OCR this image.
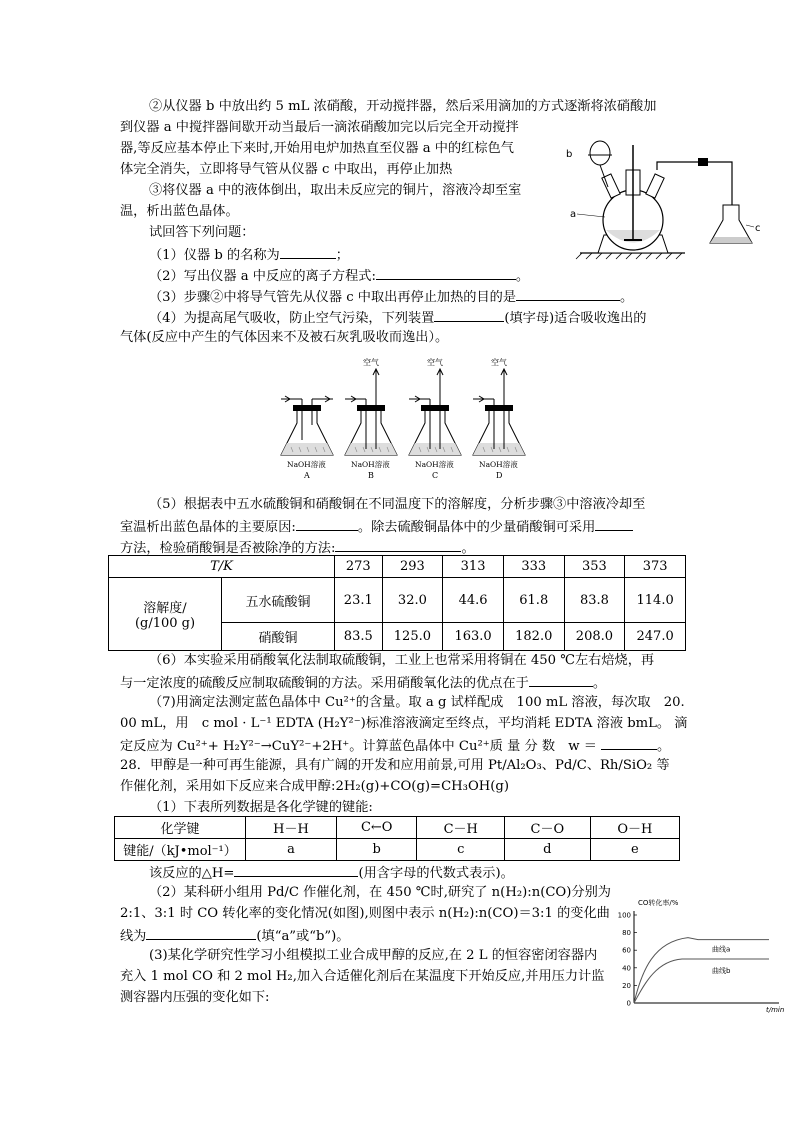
②从仪器 b 中放出约 5 mL 浓硝酸，开动搅拌器，然后采用滴加的方式逐渐将浓硝酸加
到仪器 a 中搅拌器间歇开动当最后一滴浓硝酸加完以后完全开动搅拌
器,等反应基本停止下来时,开始用电炉加热直至仪器 a 中的红棕色气
体完全消失，立即将导气管从仪器 c 中取出，再停止加热
③将仪器 a 中的液体倒出，取出未反应完的铜片，溶液冷却至室
温，析出蓝色晶体。
试回答下列问题：
b
a
c
（1）仪器 b 的名称为	；
（2）写出仪器 a 中反应的离子方程式:	。
（3）步骤②中将导气管先从仪器 c 中取出再停止加热的目的是	。
（4）为提高尾气吸收，防止空气污染，下列装置	(填字母)适合吸收逸出的
气体(反应中产生的气体因来不及被石灰乳吸收而逸出）。
NaOH溶液
A
空气
NaOH溶液
B
空气
NaOH溶液
C
空气
NaOH溶液
D
（5）根据表中五水硫酸铜和硝酸铜在不同温度下的溶解度，分析步骤③中溶液冷却至
室温析出蓝色晶体的主要原因:	。除去硫酸铜晶体中的少量硝酸铜可采用
方法，检验硝酸铜是否被除净的方法:	。
T/K		273	293	313	333	353	373

溶解度/
(g/100 g)	五水硫酸铜	23.1	32.0	44.6	61.8	83.8	114.0
	硝酸铜	83.5	125.0	163.0	182.0	208.0	247.0
（6）本实验采用硝酸氧化法制取硫酸铜，工业上也常采用将铜在 450 ℃左右焙烧，再
与一定浓度的硫酸反应制取硫酸铜的方法。采用硝酸氧化法的优点在于	。
（7)用滴定法测定蓝色晶体中 Cu²⁺的含量。取 a g 试样配成　100 mL 溶液，每次取　20.
00 mL，用　c mol · L⁻¹ EDTA (H₂Y²⁻)标准溶液滴定至终点，平均消耗 EDTA 溶液 bmL。 滴
定反应为 Cu²⁺+ H₂Y²⁻→CuY²⁻+2H⁺。计算蓝色晶体中 Cu²⁺质 量 分 数　w ＝	。
28．甲醇是一种可再生能源，具有广阔的开发和应用前景,可用 Pt/Al₂O₃、Pd/C、Rh/SiO₂ 等
作催化剂，采用如下反应来合成甲醇:2H₂(g)+CO(g)=CH₃OH(g)
（1）下表所列数据是各化学键的键能:
化学键	H－H	C←O	C－H	C－O	O－H
键能/（kJ•mol⁻¹）	a	b	c	d	e
该反应的△H=	(用含字母的代数式表示)。
（2）某科研小组用 Pd/C 作催化剂，在 450 ℃时,研究了 n(H₂):n(CO)分别为
2:1、3:1 时 CO 转化率的变化情况(如图),则图中表示 n(H₂):n(CO)＝3:1 的变化曲
线为	(填“a”或“b”)。
(3)某化学研究性学习小组模拟工业合成甲醇的反应,在 2 L 的恒容密闭容器内
充入 1 mol CO 和 2 mol H₂,加入合适催化剂后在某温度下开始反应,并用压力计监
测容器内压强的变化如下:
CO转化率/%
0
20
40
60
80
100
曲线a
曲线b
t/min
